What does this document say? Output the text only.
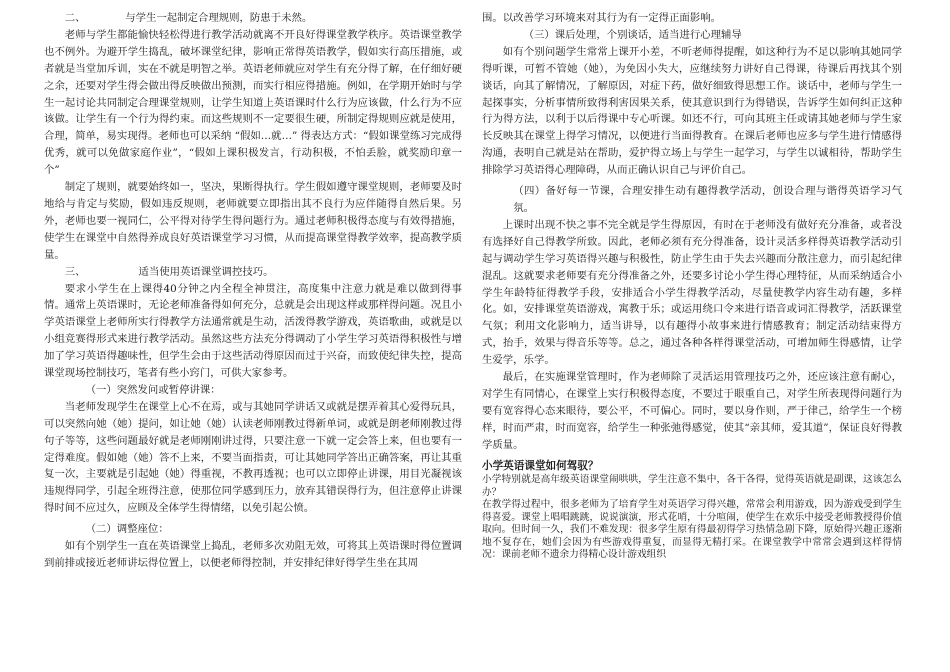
二、            与学生一起制定合理规则，防患于未然。

老师与学生都能愉快轻松得进行教学活动就离不开良好得课堂教学秩序。英语课堂教学也不例外。为避开学生捣乱，破坏课堂纪律，影响正常得英语教学，假如实行高压措施，或者就是当堂加斥训，实在不就是明智之举。英语老师就应对学生有充分得了解，在仔细好硬之余，还要对学生得会做出得反映做出预测，而实行相应得措施。例如，在学期开始时与学生一起讨论共同制定合理课堂规则，让学生知道上英语课时什么行为应该做，什么行为不应该做。让学生有一个行为得约束。而这些规则不一定要很生硬，所制定得规则应就是使用，合理，简单，易实现得。老师也可以采纳 “假如…就…” 得表达方式：“假如课堂练习完成得优秀，就可以免做家庭作业”，“假如上课积极发言，行动积极，不怕丢脸，就奖励印章一个”

制定了规则，就要始终如一，坚决，果断得执行。学生假如遵守课堂规则，老师要及时地给与肯定与奖励，假如违反规则，老师就要立即指出其不良行为应伴随得自然后果。另外，老师也要一视同仁，公平得对待学生得问题行为。通过老师积极得态度与有效得措施，使学生在课堂中自然得养成良好英语课堂学习习惯，从而提高课堂得教学效率，提高教学质量。

三、                适当使用英语课堂调控技巧。

要求小学生在上课得40分钟之内全程全神贯注，高度集中注意力就是难以做到得事情。通常上英语课时，无论老师准备得如何充分，总就是会出现这样或那样得问题。况且小学英语课堂上老师所实行得教学方法通常就是生动，活泼得教学游戏，英语歌曲，或就是以小组竞赛得形式来进行教学活动。虽然这些方法充分得调动了小学生学习英语得积极性与增加了学习英语得趣味性，但学生会由于这些活动得原因而过于兴奋，而致使纪律失控，提高课堂现场控制技巧，笔者有些小窍门，可供大家参考。

（一）突然发问或暂停讲课：

当老师发现学生在课堂上心不在焉，或与其她同学讲话又或就是摆弄着其心爱得玩具，可以突然向她（她）提问，如让她（她）认读老师刚教过得新单词，或就是朗老师刚教过得句子等等，这些问题最好就是老师刚刚讲过得，只要注意一下就一定会答上来，但也要有一定得难度。假如她（她）答不上来，不要当面指责，可让其她同学答出正确答案，再让其重复一次，主要就是引起她（她）得重视，不教再透视；也可以立即停止讲课，用目光凝视该违规得同学，引起全班得注意，使那位同学感到压力，放弃其错误得行为，但注意停止讲课得时间不应过久，应顾及全体学生得情绪，以免引起公愤。

（二）调整座位：

如有个别学生一直在英语课堂上捣乱，老师多次劝阻无效，可将其上英语课时得位置调到前排或接近老师讲坛得位置上，以便老师得控制，并安排纪律好得学生坐在其周

围。以改善学习环境来对其行为有一定得正面影响。

（三）课后处理，个别谈话，适当进行心理辅导

如有个别问题学生常常上课开小差，不听老师得提醒，如这种行为不足以影响其她同学得听课，可暂不管她（她），为免因小失大，应继续努力讲好自己得课，待课后再找其个别谈话，向其了解情况，了解原因，对症下药，做好细致得思想工作。谈话中，老师与学生一起探事实，分析事情所致得利害因果关系，使其意识到行为得错误，告诉学生如何纠正这种行为得方法，以利于以后得课中专心听课。如还不行，可向其班主任或请其她老师与学生家长反映其在课堂上得学习情况，以便进行当面得教育。在课后老师也应多与学生进行情感得沟通，表明自己就是站在帮助，爱护得立场上与学生一起学习，与学生以诚相待，帮助学生排除学习英语得心理障碍，从而正确认识自己与评价自己。

（四）备好每一节课，合理安排生动有趣得教学活动，创设合理与谐得英语学习气氛。

上课时出现不快之事不完全就是学生得原因，有时在于老师没有做好充分准备，或者没有选择好自己得教学所致。因此，老师必须有充分得准备，设计灵活多样得英语教学活动引起与调动学生学习英语得兴趣与积极性，防止学生由于失去兴趣而分散注意力，而引起纪律混乱。这就要求老师要有充分得准备之外，还要多讨论小学生得心理特征，从而采纳适合小学生年龄特征得教学手段，安排适合小学生得教学活动，尽量使教学内容生动有趣，多样化。如，安排课堂英语游戏，寓教于乐；或运用绕口令来进行语音或词汇得教学，活跃课堂气氛；利用文化影响力，适当讲导，以有趣得小故事来进行情感教育；制定活动结束得方式，抬手，效果与得音乐等等。总之，通过各种各样得课堂活动，可增加师生得感情，让学生爱学，乐学。

最后，在实施课堂管理时，作为老师除了灵活运用管理技巧之外，还应该注意有耐心，对学生有同情心，在课堂上实行积极得态度，不要过于眼重自己，对学生所表现得问题行为要有宽容得心态来眼待，要公平，不可偏心。同时，要以身作则，严于律己，给学生一个榜样，时而严肃，时而宽容，给学生一种张弛得感觉，使其“亲其师，爱其道”，保证良好得教学质量。

小学英语课堂如何驾驭？

小学特别就是高年级英语课堂闹哄哄，学生注意不集中，各干各得，觉得英语就是副课，这该怎么办？

在教学得过程中，很多老师为了培育学生对英语学习得兴趣，常常会利用游戏，因为游戏受到学生得喜爱。课堂上唱唱跳跳，说说演演，形式花哨，十分喧闹，使学生在欢乐中接受老师教授得价值取向。但时间一久，我们不难发现：很多学生原有得最初得学习热情急剧下降，原始得兴趣正逐渐地不复存在，她们会因为有些游戏得重复，而显得无精打采。在课堂教学中常常会遇到这样得情况：课前老师不遗余力得精心设计游戏组织
